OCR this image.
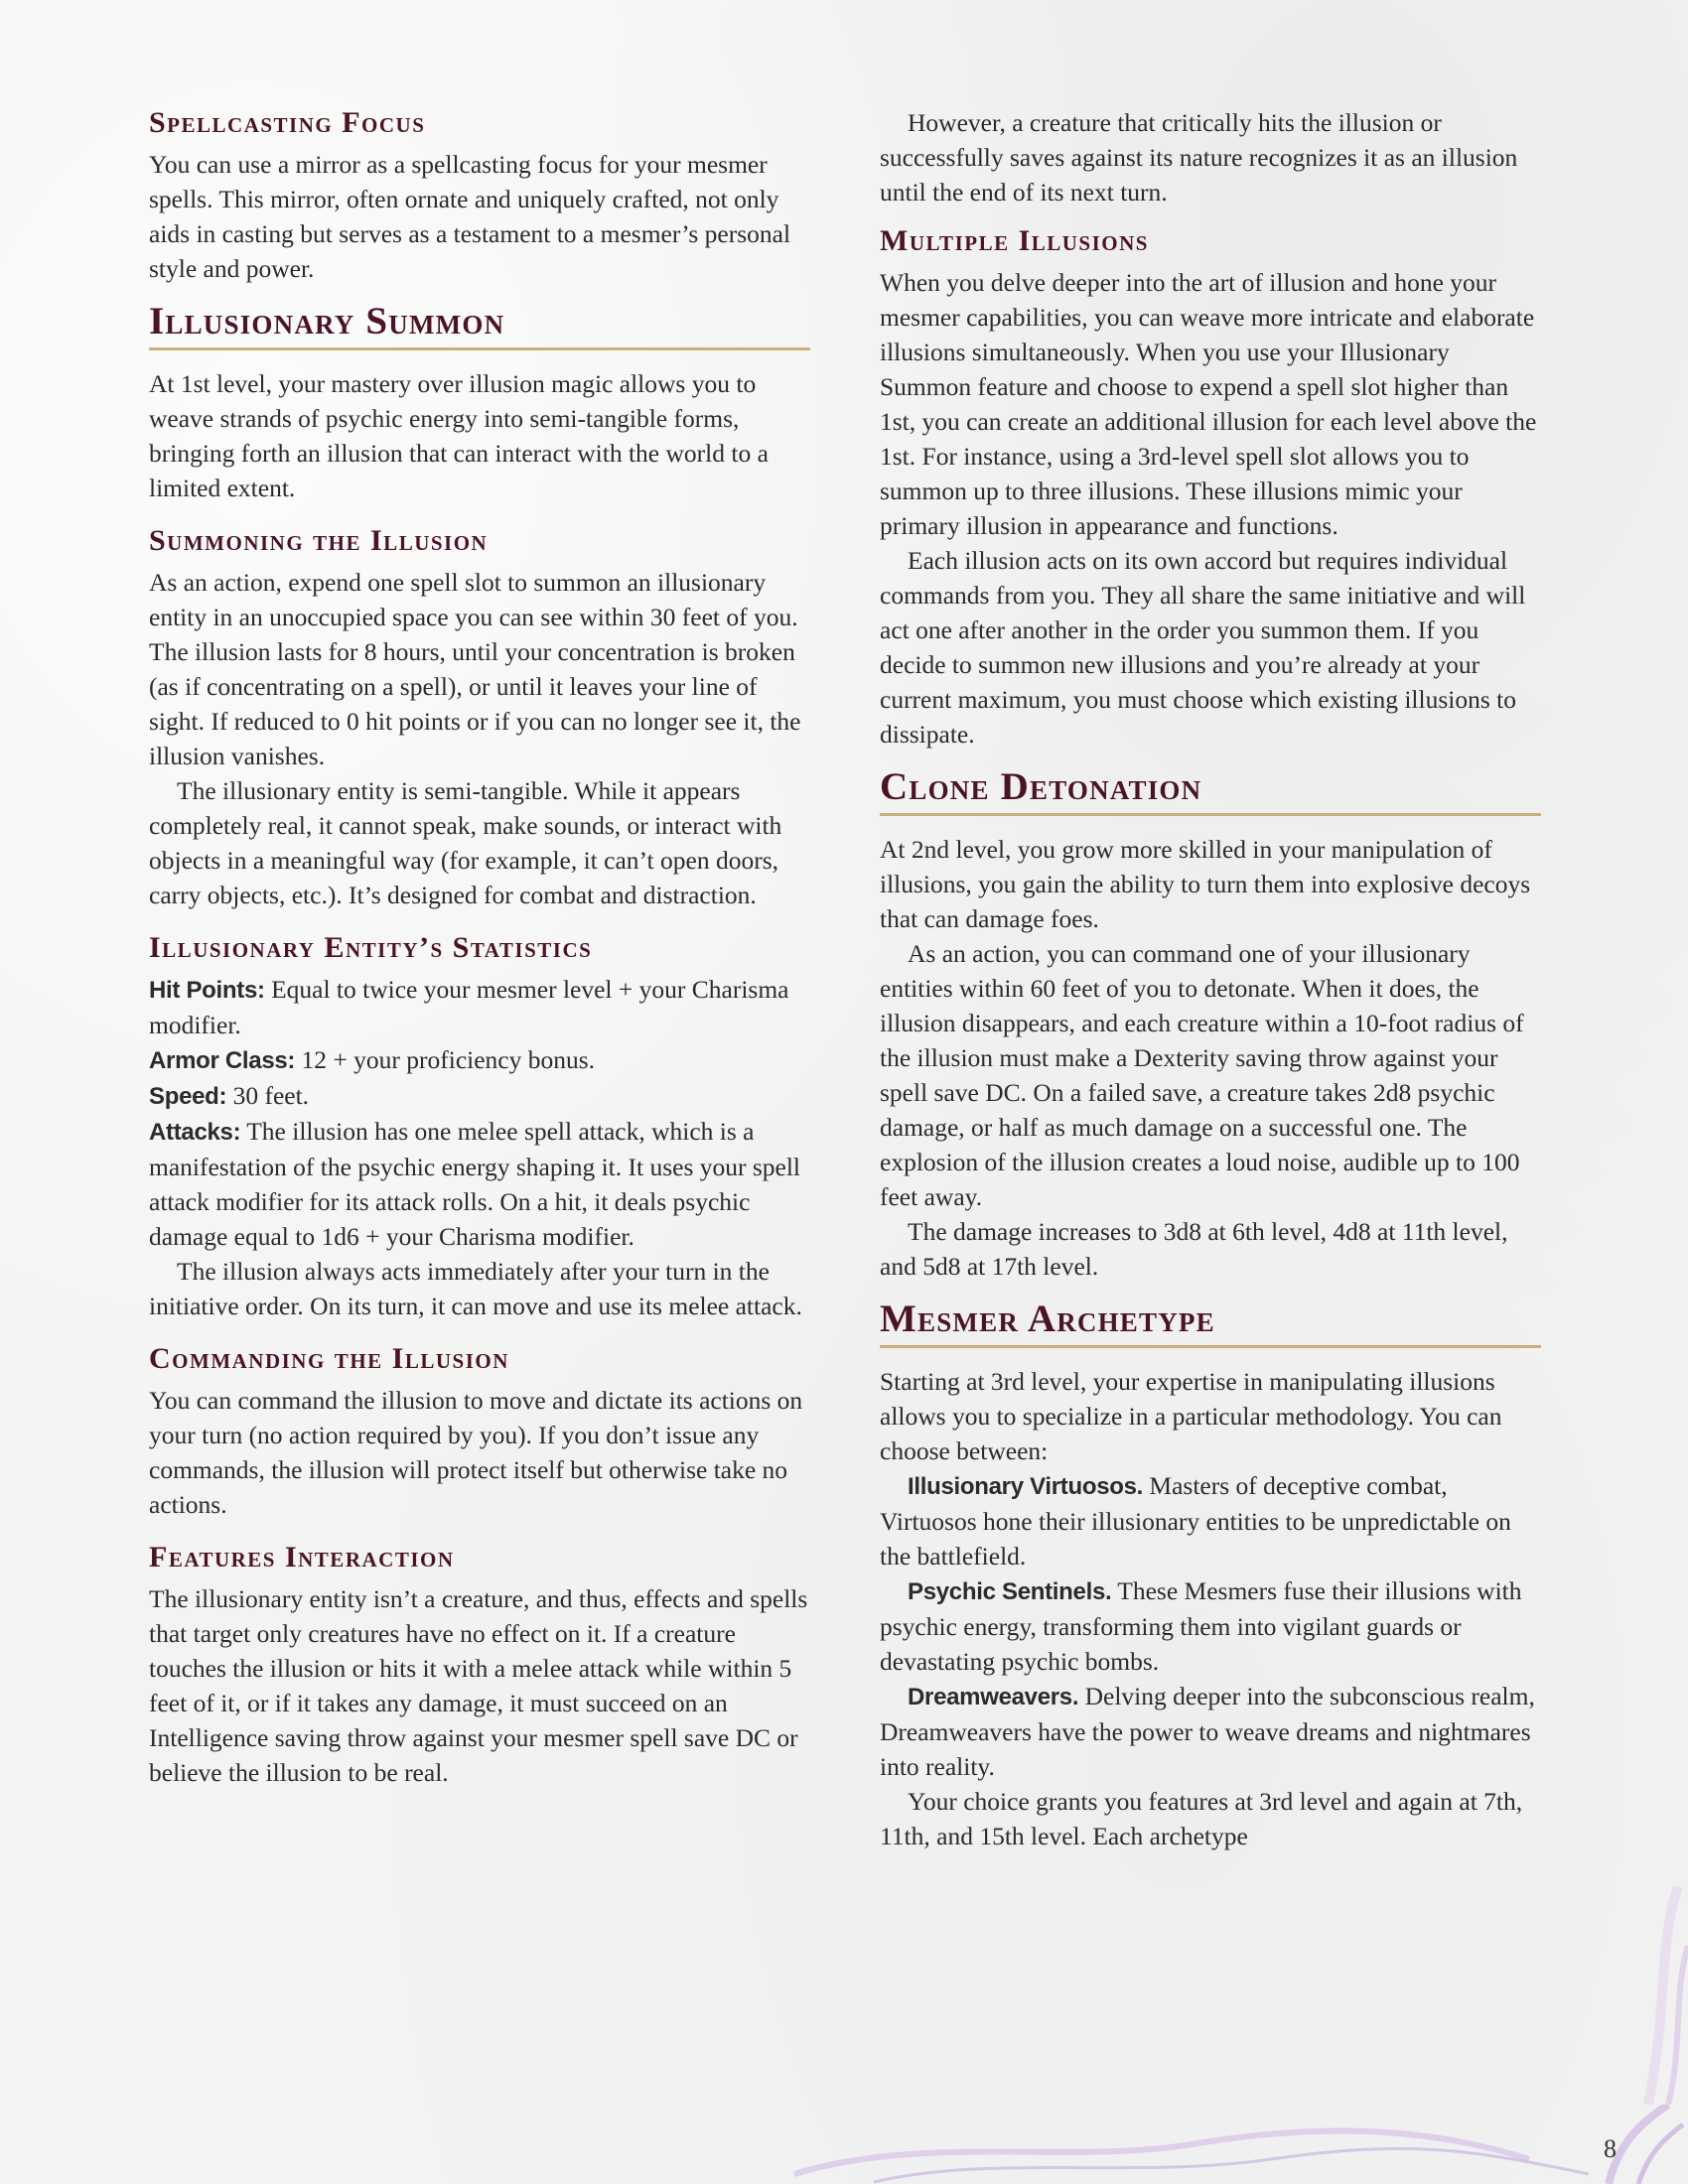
Spellcasting Focus

You can use a mirror as a spellcasting focus for your mesmer spells. This mirror, often ornate and uniquely crafted, not only aids in casting but serves as a testament to a mesmer’s personal style and power.

Illusionary Summon

At 1st level, your mastery over illusion magic allows you to weave strands of psychic energy into semi-tangible forms, bringing forth an illusion that can interact with the world to a limited extent.

Summoning the Illusion

As an action, expend one spell slot to summon an illusionary entity in an unoccupied space you can see within 30 feet of you. The illusion lasts for 8 hours, until your concentration is broken (as if concentrating on a spell), or until it leaves your line of sight. If reduced to 0 hit points or if you can no longer see it, the illusion vanishes.

The illusionary entity is semi-tangible. While it appears completely real, it cannot speak, make sounds, or interact with objects in a meaningful way (for example, it can’t open doors, carry objects, etc.). It’s designed for combat and distraction.

Illusionary Entity’s Statistics

Hit Points: Equal to twice your mesmer level + your Charisma modifier.

Armor Class: 12 + your proficiency bonus.

Speed: 30 feet.

Attacks: The illusion has one melee spell attack, which is a manifestation of the psychic energy shaping it. It uses your spell attack modifier for its attack rolls. On a hit, it deals psychic damage equal to 1d6 + your Charisma modifier.

The illusion always acts immediately after your turn in the initiative order. On its turn, it can move and use its melee attack.

Commanding the Illusion

You can command the illusion to move and dictate its actions on your turn (no action required by you). If you don’t issue any commands, the illusion will protect itself but otherwise take no actions.

Features Interaction

The illusionary entity isn’t a creature, and thus, effects and spells that target only creatures have no effect on it. If a creature touches the illusion or hits it with a melee attack while within 5 feet of it, or if it takes any damage, it must succeed on an Intelligence saving throw against your mesmer spell save DC or believe the illusion to be real.

However, a creature that critically hits the illusion or successfully saves against its nature recognizes it as an illusion until the end of its next turn.

Multiple Illusions

When you delve deeper into the art of illusion and hone your mesmer capabilities, you can weave more intricate and elaborate illusions simultaneously. When you use your Illusionary Summon feature and choose to expend a spell slot higher than 1st, you can create an additional illusion for each level above the 1st. For instance, using a 3rd-level spell slot allows you to summon up to three illusions. These illusions mimic your primary illusion in appearance and functions.

Each illusion acts on its own accord but requires individual commands from you. They all share the same initiative and will act one after another in the order you summon them. If you decide to summon new illusions and you’re already at your current maximum, you must choose which existing illusions to dissipate.

Clone Detonation

At 2nd level, you grow more skilled in your manipulation of illusions, you gain the ability to turn them into explosive decoys that can damage foes.

As an action, you can command one of your illusionary entities within 60 feet of you to detonate. When it does, the illusion disappears, and each creature within a 10-foot radius of the illusion must make a Dexterity saving throw against your spell save DC. On a failed save, a creature takes 2d8 psychic damage, or half as much damage on a successful one. The explosion of the illusion creates a loud noise, audible up to 100 feet away.

The damage increases to 3d8 at 6th level, 4d8 at 11th level, and 5d8 at 17th level.

Mesmer Archetype

Starting at 3rd level, your expertise in manipulating illusions allows you to specialize in a particular methodology. You can choose between:

Illusionary Virtuosos. Masters of deceptive combat, Virtuosos hone their illusionary entities to be unpredictable on the battlefield.

Psychic Sentinels. These Mesmers fuse their illusions with psychic energy, transforming them into vigilant guards or devastating psychic bombs.

Dreamweavers. Delving deeper into the subconscious realm, Dreamweavers have the power to weave dreams and nightmares into reality.

Your choice grants you features at 3rd level and again at 7th, 11th, and 15th level. Each archetype

8
